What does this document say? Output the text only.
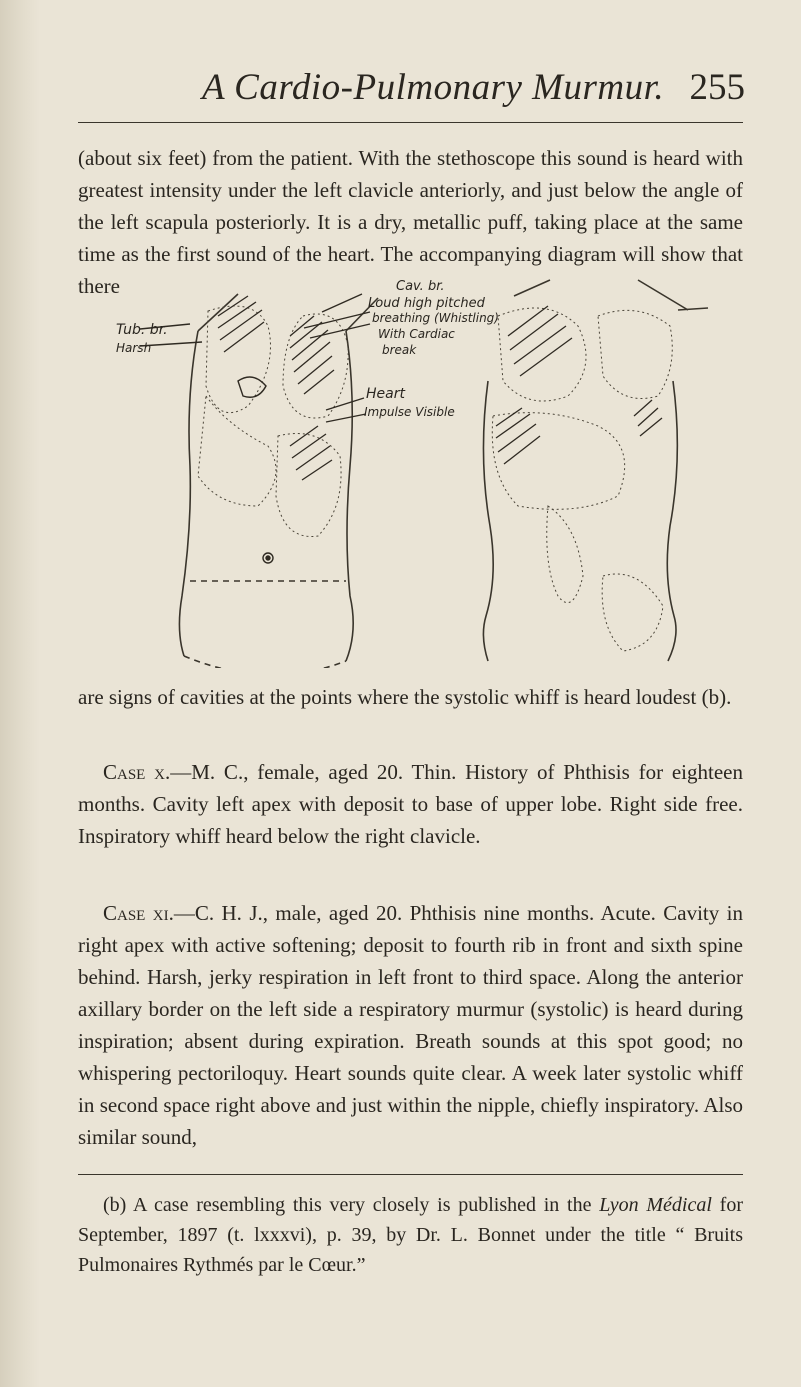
A Cardio-Pulmonary Murmur. 255

(about six feet) from the patient. With the stethoscope this sound is heard with greatest intensity under the left clavicle anteriorly, and just below the angle of the left scapula posteriorly. It is a dry, metallic puff, taking place at the same time as the first sound of the heart. The accompanying diagram will show that there

Tub. br.
Harsh
Cav. br.
Loud high pitched
breathing (Whistling)
With Cardiac
break
Heart
Impulse Visible

are signs of cavities at the points where the systolic whiff is heard loudest (b).

Case x.—M. C., female, aged 20. Thin. History of Phthisis for eighteen months. Cavity left apex with deposit to base of upper lobe. Right side free. Inspiratory whiff heard below the right clavicle.

Case xi.—C. H. J., male, aged 20. Phthisis nine months. Acute. Cavity in right apex with active softening; deposit to fourth rib in front and sixth spine behind. Harsh, jerky respiration in left front to third space. Along the anterior axillary border on the left side a respiratory murmur (systolic) is heard during inspiration; absent during expiration. Breath sounds at this spot good; no whispering pectoriloquy. Heart sounds quite clear. A week later systolic whiff in second space right above and just within the nipple, chiefly inspiratory. Also similar sound,

(b) A case resembling this very closely is published in the Lyon Médical for September, 1897 (t. lxxxvi), p. 39, by Dr. L. Bonnet under the title “ Bruits Pulmonaires Rythmés par le Cœur.”
